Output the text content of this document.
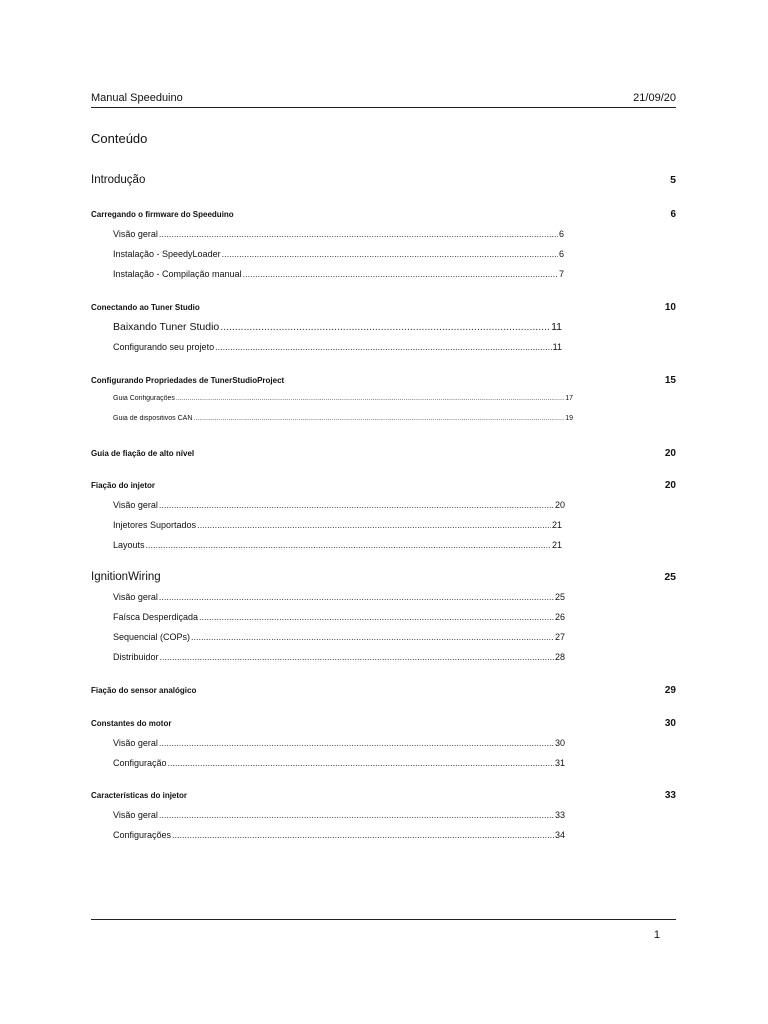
Manual Speeduino	21/09/20
Conteúdo
Introdução	5
Carregando o firmware do Speeduino	6
Visão geral .....	6
Instalação - SpeedyLoader .....	6
Instalação - Compilação manual .....	7
Conectando ao Tuner Studio	10
Baixando Tuner Studio .....	11
Configurando seu projeto .....	11
Configurando Propriedades de TunerStudioProject	15
Guia Configurações .....	17
Guia de dispositivos CAN .....	19
Guia de fiação de alto nível	20
Fiação do injetor	20
Visão geral .....	20
Injetores Suportados .....	21
Layouts .....	21
IgnitionWiring	25
Visão geral .....	25
Faísca Desperdiçada .....	26
Sequencial (COPs) .....	27
Distribuidor .....	28
Fiação do sensor analógico	29
Constantes do motor	30
Visão geral .....	30
Configuração .....	31
Características do injetor	33
Visão geral .....	33
Configurações .....	34
1
